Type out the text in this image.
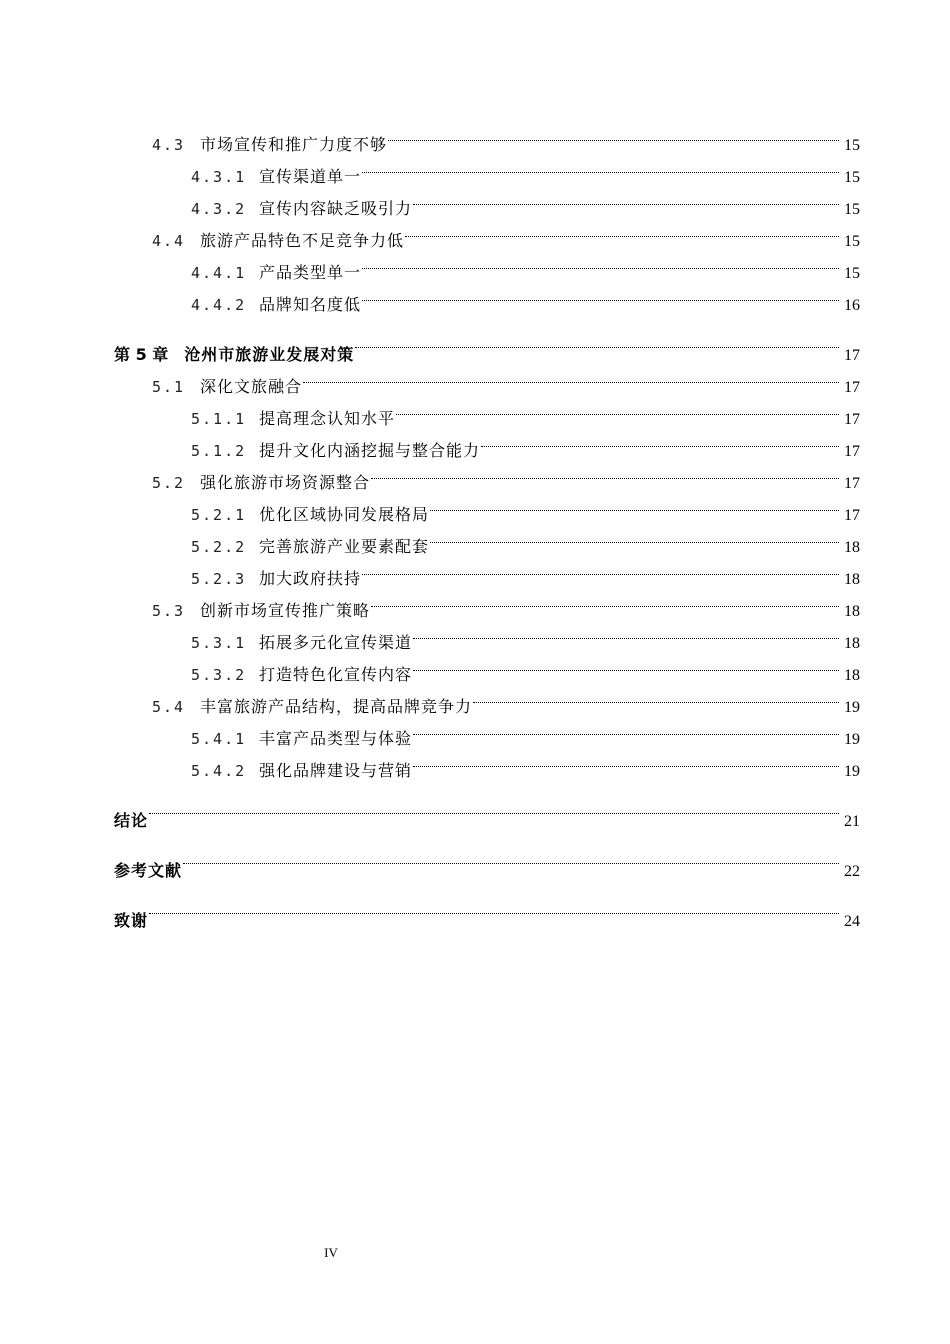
4.3 市场宣传和推广力度不够	15
4.3.1 宣传渠道单一	15
4.3.2 宣传内容缺乏吸引力	15
4.4 旅游产品特色不足竞争力低	15
4.4.1 产品类型单一	15
4.4.2 品牌知名度低	16
第 5 章 沧州市旅游业发展对策	17
5.1 深化文旅融合	17
5.1.1 提高理念认知水平	17
5.1.2 提升文化内涵挖掘与整合能力	17
5.2 强化旅游市场资源整合	17
5.2.1 优化区域协同发展格局	17
5.2.2 完善旅游产业要素配套	18
5.2.3 加大政府扶持	18
5.3 创新市场宣传推广策略	18
5.3.1 拓展多元化宣传渠道	18
5.3.2 打造特色化宣传内容	18
5.4 丰富旅游产品结构，提高品牌竞争力	19
5.4.1 丰富产品类型与体验	19
5.4.2 强化品牌建设与营销	19
结论	21
参考文献	22
致谢	24
IV
